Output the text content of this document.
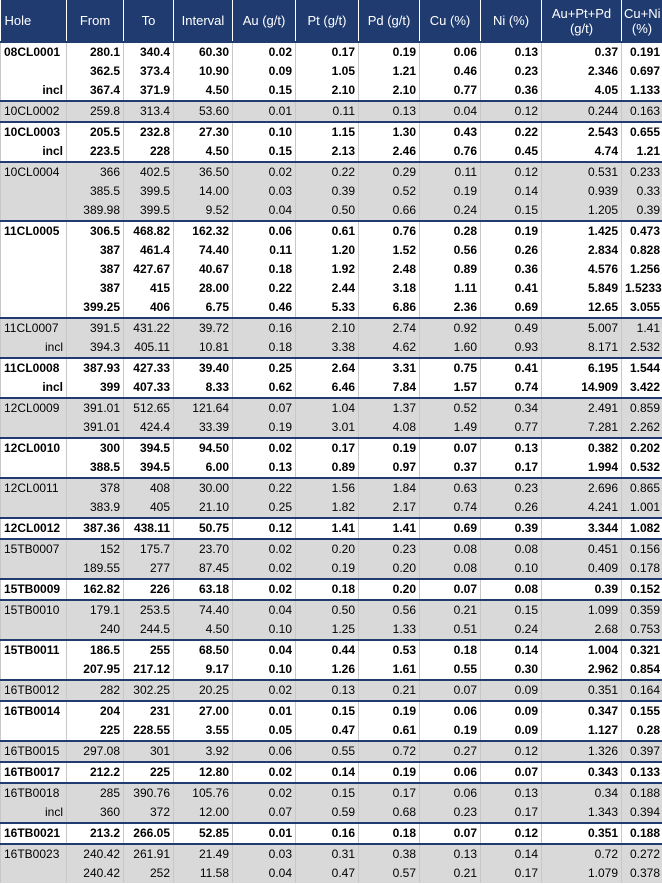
Hole	From	To	Interval	Au (g/t)	Pt (g/t)	Pd (g/t)	Cu (%)	Ni (%)	Au+Pt+Pd (g/t)	Cu+Ni (%)
08CL0001	280.1	340.4	60.30	0.02	0.17	0.19	0.06	0.13	0.37	0.191
	362.5	373.4	10.90	0.09	1.05	1.21	0.46	0.23	2.346	0.697
incl	367.4	371.9	4.50	0.15	2.10	2.10	0.77	0.36	4.05	1.133
10CL0002	259.8	313.4	53.60	0.01	0.11	0.13	0.04	0.12	0.244	0.163
10CL0003	205.5	232.8	27.30	0.10	1.15	1.30	0.43	0.22	2.543	0.655
incl	223.5	228	4.50	0.15	2.13	2.46	0.76	0.45	4.74	1.21
10CL0004	366	402.5	36.50	0.02	0.22	0.29	0.11	0.12	0.531	0.233
	385.5	399.5	14.00	0.03	0.39	0.52	0.19	0.14	0.939	0.33
	389.98	399.5	9.52	0.04	0.50	0.66	0.24	0.15	1.205	0.39
11CL0005	306.5	468.82	162.32	0.06	0.61	0.76	0.28	0.19	1.425	0.473
	387	461.4	74.40	0.11	1.20	1.52	0.56	0.26	2.834	0.828
	387	427.67	40.67	0.18	1.92	2.48	0.89	0.36	4.576	1.256
	387	415	28.00	0.22	2.44	3.18	1.11	0.41	5.849	1.5233
	399.25	406	6.75	0.46	5.33	6.86	2.36	0.69	12.65	3.055
11CL0007	391.5	431.22	39.72	0.16	2.10	2.74	0.92	0.49	5.007	1.41
incl	394.3	405.11	10.81	0.18	3.38	4.62	1.60	0.93	8.171	2.532
11CL0008	387.93	427.33	39.40	0.25	2.64	3.31	0.75	0.41	6.195	1.544
incl	399	407.33	8.33	0.62	6.46	7.84	1.57	0.74	14.909	3.422
12CL0009	391.01	512.65	121.64	0.07	1.04	1.37	0.52	0.34	2.491	0.859
	391.01	424.4	33.39	0.19	3.01	4.08	1.49	0.77	7.281	2.262
12CL0010	300	394.5	94.50	0.02	0.17	0.19	0.07	0.13	0.382	0.202
	388.5	394.5	6.00	0.13	0.89	0.97	0.37	0.17	1.994	0.532
12CL0011	378	408	30.00	0.22	1.56	1.84	0.63	0.23	2.696	0.865
	383.9	405	21.10	0.25	1.82	2.17	0.74	0.26	4.241	1.001
12CL0012	387.36	438.11	50.75	0.12	1.41	1.41	0.69	0.39	3.344	1.082
15TB0007	152	175.7	23.70	0.02	0.20	0.23	0.08	0.08	0.451	0.156
	189.55	277	87.45	0.02	0.19	0.20	0.08	0.10	0.409	0.178
15TB0009	162.82	226	63.18	0.02	0.18	0.20	0.07	0.08	0.39	0.152
15TB0010	179.1	253.5	74.40	0.04	0.50	0.56	0.21	0.15	1.099	0.359
	240	244.5	4.50	0.10	1.25	1.33	0.51	0.24	2.68	0.753
15TB0011	186.5	255	68.50	0.04	0.44	0.53	0.18	0.14	1.004	0.321
	207.95	217.12	9.17	0.10	1.26	1.61	0.55	0.30	2.962	0.854
16TB0012	282	302.25	20.25	0.02	0.13	0.21	0.07	0.09	0.351	0.164
16TB0014	204	231	27.00	0.01	0.15	0.19	0.06	0.09	0.347	0.155
	225	228.55	3.55	0.05	0.47	0.61	0.19	0.09	1.127	0.28
16TB0015	297.08	301	3.92	0.06	0.55	0.72	0.27	0.12	1.326	0.397
16TB0017	212.2	225	12.80	0.02	0.14	0.19	0.06	0.07	0.343	0.133
16TB0018	285	390.76	105.76	0.02	0.15	0.17	0.06	0.13	0.34	0.188
incl	360	372	12.00	0.07	0.59	0.68	0.23	0.17	1.343	0.394
16TB0021	213.2	266.05	52.85	0.01	0.16	0.18	0.07	0.12	0.351	0.188
16TB0023	240.42	261.91	21.49	0.03	0.31	0.38	0.13	0.14	0.72	0.272
	240.42	252	11.58	0.04	0.47	0.57	0.21	0.17	1.079	0.378
